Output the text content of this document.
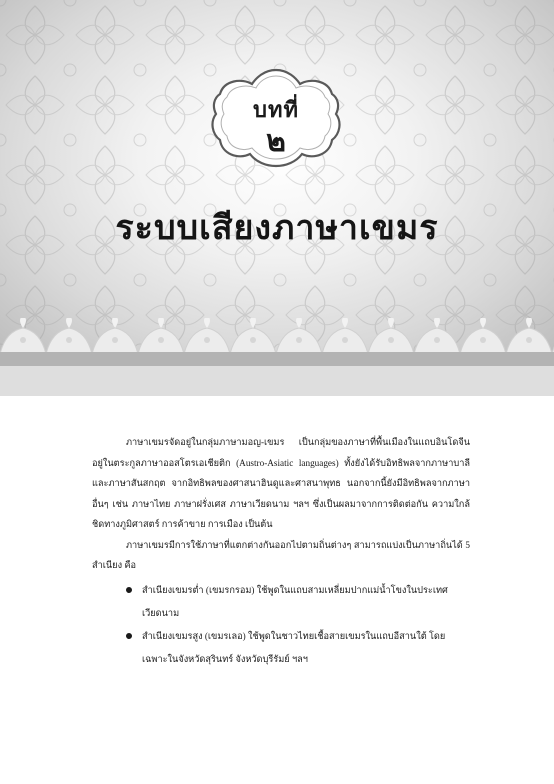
บทที่
๒
ระบบเสียงภาษาเขมร

ภาษาเขมรจัดอยู่ในกลุ่มภาษามอญ-เขมร เป็นกลุ่มของภาษาที่พื้นเมืองในแถบอินโดจีน อยู่ในตระกูลภาษาออสโตรเอเชียติก (Austro-Asiatic languages) ทั้งยังได้รับอิทธิพลจากภาษาบาลี และภาษาสันสกฤต จากอิทธิพลของศาสนาฮินดูและศาสนาพุทธ นอกจากนี้ยังมีอิทธิพลจากภาษาอื่นๆ เช่น ภาษาไทย ภาษาฝรั่งเศส ภาษาเวียดนาม ฯลฯ ซึ่งเป็นผลมาจากการติดต่อกัน ความใกล้ชิดทางภูมิศาสตร์ การค้าขาย การเมือง เป็นต้น

ภาษาเขมรมีการใช้ภาษาที่แตกต่างกันออกไปตามถิ่นต่างๆ สามารถแบ่งเป็นภาษาถิ่นได้ 5 สำเนียง คือ

สำเนียงเขมรต่ำ (เขมรกรอม) ใช้พูดในแถบสามเหลี่ยมปากแม่น้ำโขงในประเทศเวียดนาม
สำเนียงเขมรสูง (เขมรเลอ) ใช้พูดในชาวไทยเชื้อสายเขมรในแถบอีสานใต้ โดยเฉพาะในจังหวัดสุรินทร์ จังหวัดบุรีรัมย์ ฯลฯ
